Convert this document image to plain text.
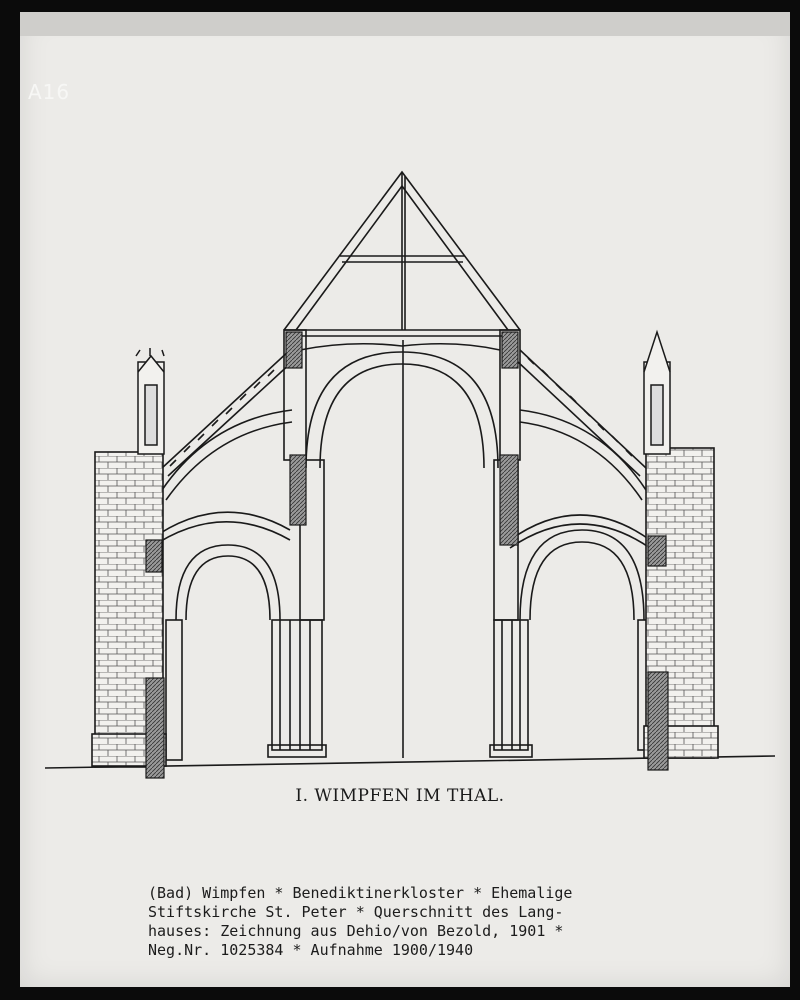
A16
I. WIMPFEN IM THAL.
(Bad) Wimpfen * Benediktinerkloster * Ehemalige
Stiftskirche St. Peter * Querschnitt des Lang-
hauses: Zeichnung aus Dehio/von Bezold, 1901 *
Neg.Nr. 1025384 * Aufnahme 1900/1940
